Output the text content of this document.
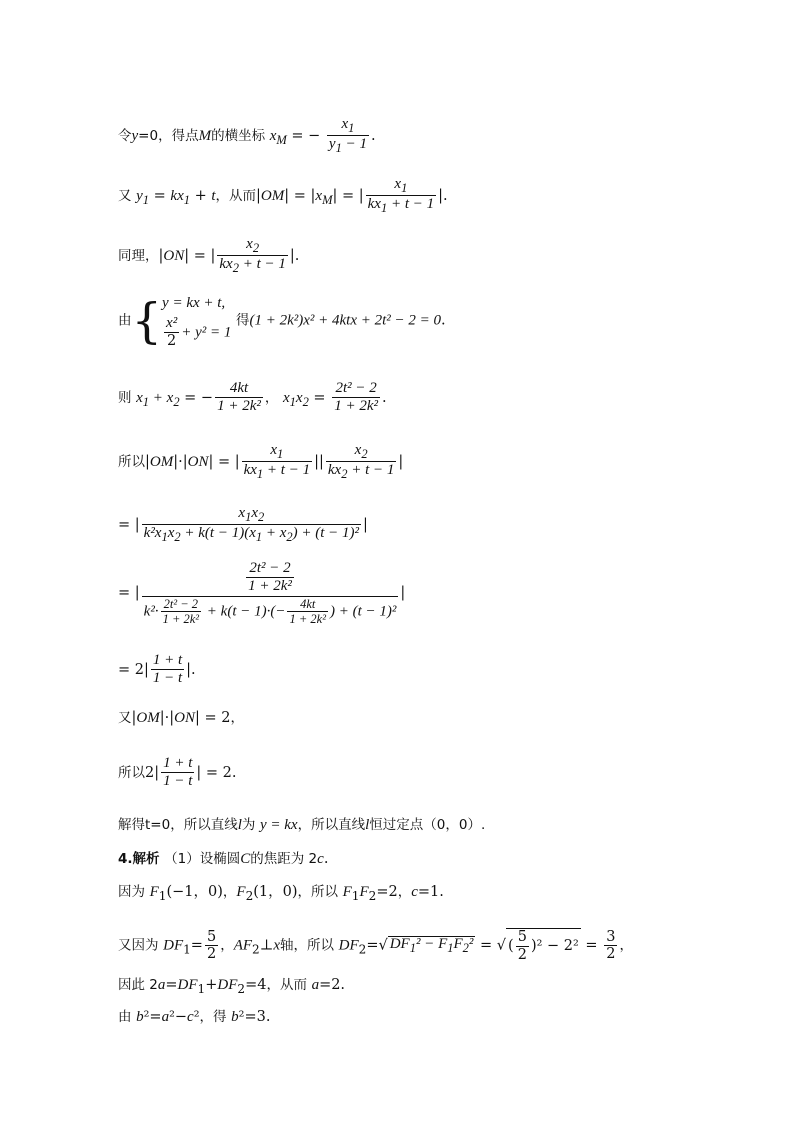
令y=0，得点M的横坐标 $x_M$ = − $\frac{x_1}{y_1 - 1}$ .
又 $y_1 = kx_1 + t$，从而$|OM| = |x_M|$ = | $\frac{x_1}{kx_1 + t - 1}$ |.
同理，|ON| = | $\frac{x_2}{kx_2 + t - 1}$ |.
由{ y = kx + t,
$\frac{\text{x²}}{2} + y^2 = 1$
得(1 + 2k²)x² + 4ktx + 2t² − 2 = 0.
则 $x_1 + x_2$ = − $\frac{4kt}{\text{1 + 2k²}}$ ， $x_1x_2 = \frac{\text{2t² − 2}}{\text{1 + 2k²}}$ .
所以|OM|·|ON| = | $\frac{x_1}{kx_1 + t - 1}$ || $\frac{x_2}{kx_2 + t - 1}$ |
= | $\frac{x_1x_2}{k^2x_1x_2 + k(t - 1)(x_1 + x_2) + (t - 1)^2}$ |
= | $\frac{\frac{\text{2t² − 2}}{\text{1 + 2k²}}}{k^2\cdot \frac{\text{2t² − 2}}{\text{1 + 2k²}} + k(t - 1)\cdot(- \frac{4kt}{\text{1 + 2k²}} ) + (t - 1)^2}$ |
= $2| \frac{1 + t}{1 - t}$ |.
又|OM|·|ON| = 2，
所以$2| \frac{1 + t}{1 - t}$ | = 2.
解得t=0，所以直线l为 y = kx，所以直线l恒过定点（0，0）.
4.解析 （1）设椭圆C的焦距为 2c.
因为 $F_1(-1$，0)，$F_2(1$，0)，所以 $F_1F_2=2$，c=1.
又因为 $DF_1= \frac{5}{2}$ ，$AF_2\perp x$轴，所以 $DF_2=√$ $DF_1^2 - F_1F_2^2$ = √ ( $\frac{5}{2} )^2 - 2^2 = \frac{3}{2}$ ，
因此 $2a=DF_1+DF_2=4$，从而 a=2.
由 b²=a²−c²，得 b²=3.
